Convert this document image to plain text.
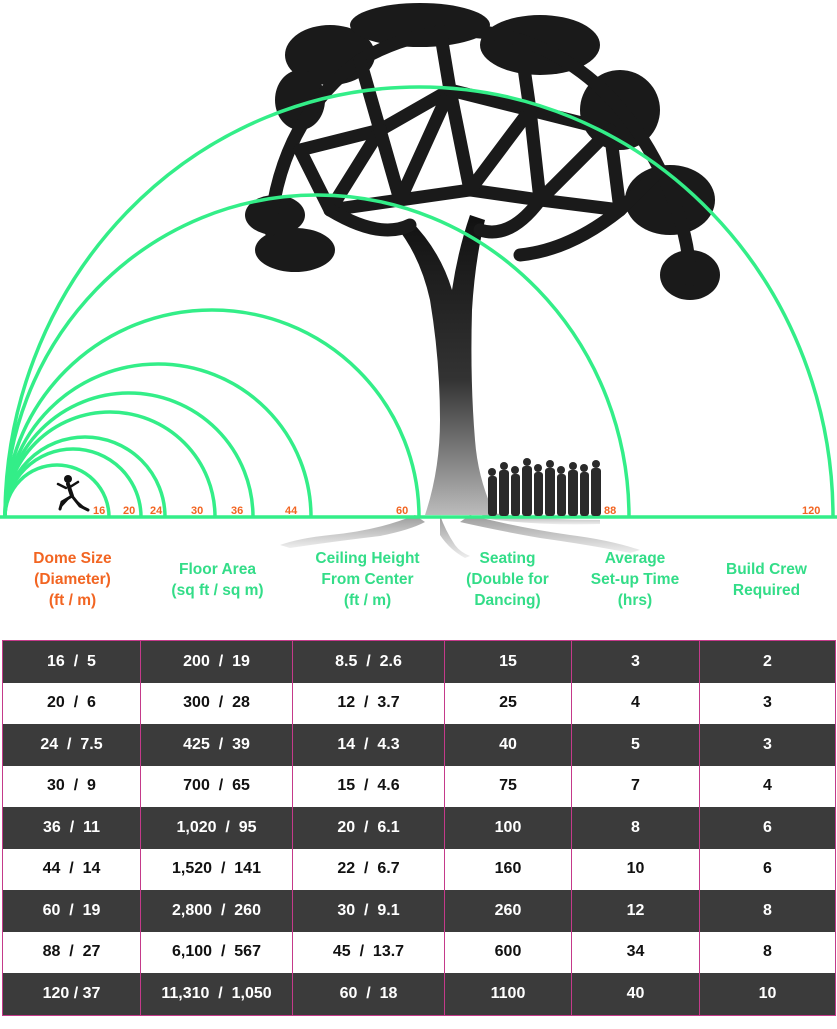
16 20 24	30	36	44	60	88	120
Dome Size
(Diameter)
(ft / m)
Floor Area
(sq ft / sq m)
Ceiling Height
From Center
(ft / m)
Seating
(Double for
Dancing)
Average
Set-up Time
(hrs)
Build Crew
Required
16  /  5	200  /  19	8.5  /  2.6	15	3	2
20  /  6	300  /  28	12  /  3.7	25	4	3
24  /  7.5	425  /  39	14  /  4.3	40	5	3
30  /  9	700  /  65	15  /  4.6	75	7	4
36  /  11	1,020  /  95	20  /  6.1	100	8	6
44  /  14	1,520  /  141	22  /  6.7	160	10	6
60  /  19	2,800  /  260	30  /  9.1	260	12	8
88  /  27	6,100  /  567	45  /  13.7	600	34	8
120 / 37	11,310  /  1,050	60  /  18	1100	40	10
